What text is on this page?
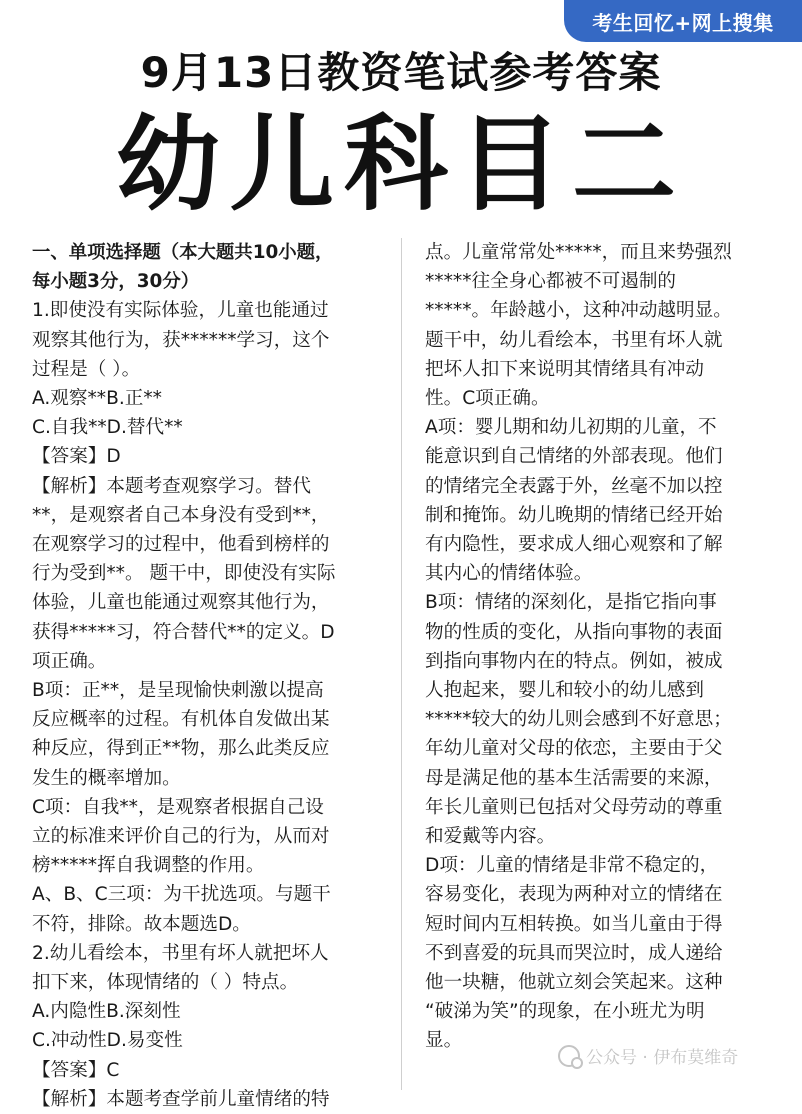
考生回忆+网上搜集
9月13日教资笔试参考答案
幼儿科目二

一、单项选择题（本大题共10小题，

每小题3分，30分）

1.即使没有实际体验，儿童也能通过

观察其他行为，获******学习，这个

过程是（ ）。

A.观察**B.正**

C.自我**D.替代**

【答案】D

【解析】本题考查观察学习。替代

**，是观察者自己本身没有受到**，

在观察学习的过程中，他看到榜样的

行为受到**。 题干中，即使没有实际

体验，儿童也能通过观察其他行为，

获得*****习，符合替代**的定义。D

项正确。

B项：正**，是呈现愉快刺激以提高

反应概率的过程。有机体自发做出某

种反应，得到正**物，那么此类反应

发生的概率增加。

C项：自我**，是观察者根据自己设

立的标准来评价自己的行为，从而对

榜*****挥自我调整的作用。

A、B、C三项：为干扰选项。与题干

不符，排除。故本题选D。

2.幼儿看绘本，书里有坏人就把坏人

扣下来，体现情绪的（ ）特点。

A.内隐性B.深刻性

C.冲动性D.易变性

【答案】C

【解析】本题考查学前儿童情绪的特

点。儿童常常处*****，而且来势强烈

*****往全身心都被不可遏制的

*****。年龄越小，这种冲动越明显。

题干中，幼儿看绘本，书里有坏人就

把坏人扣下来说明其情绪具有冲动

性。C项正确。

A项：婴儿期和幼儿初期的儿童，不

能意识到自己情绪的外部表现。他们

的情绪完全表露于外，丝毫不加以控

制和掩饰。幼儿晚期的情绪已经开始

有内隐性，要求成人细心观察和了解

其内心的情绪体验。

B项：情绪的深刻化，是指它指向事

物的性质的变化，从指向事物的表面

到指向事物内在的特点。例如，被成

人抱起来，婴儿和较小的幼儿感到

*****较大的幼儿则会感到不好意思；

年幼儿童对父母的依恋，主要由于父

母是满足他的基本生活需要的来源，

年长儿童则已包括对父母劳动的尊重

和爱戴等内容。

D项：儿童的情绪是非常不稳定的，

容易变化，表现为两种对立的情绪在

短时间内互相转换。如当儿童由于得

不到喜爱的玩具而哭泣时，成人递给

他一块糖，他就立刻会笑起来。这种

“破涕为笑”的现象，在小班尤为明

显。

公众号 · 伊布莫维奇
